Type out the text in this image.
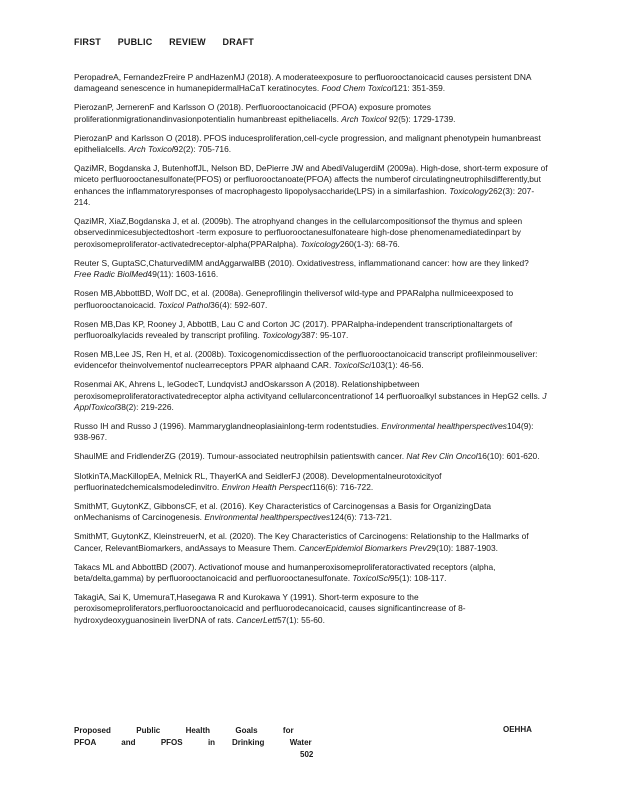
FIRST PUBLIC REVIEW DRAFT

PeropadreA, FernandezFreire P andHazenMJ (2018). A moderateexposure to perfluorooctanoicacid causes persistent DNA damageand senescence in humanepidermalHaCaT keratinocytes. Food Chem Toxicol121: 351-359.

PierozanP, JernerenF and Karlsson O (2018). Perfluorooctanoicacid (PFOA) exposure promotes proliferationmigrationandinvasionpotentialin humanbreast epitheliacells. Arch Toxicol 92(5): 1729-1739.

PierozanP and Karlsson O (2018). PFOS inducesproliferation,cell-cycle progression, and malignant phenotypein humanbreast epithelialcells. Arch Toxicol92(2): 705-716.

QaziMR, Bogdanska J, ButenhoffJL, Nelson BD, DePierre JW and AbediValugerdiM (2009a). High-dose, short-term exposure of miceto perfluorooctanesulfonate(PFOS) or perfluorooctanoate(PFOA) affects the numberof circulatingneutrophilsdifferently,but enhances the inflammatoryresponses of macrophagesto lipopolysaccharide(LPS) in a similarfashion. Toxicology262(3): 207-214.

QaziMR, XiaZ,Bogdanska J, et al. (2009b). The atrophyand changes in the cellularcompositionsof the thymus and spleen observedinmicesubjectedtoshort -term exposure to perfluorooctanesulfonateare high-dose phenomenamediatedinpart by peroxisomeproliferator-activatedreceptor-alpha(PPARalpha). Toxicology260(1-3): 68-76.

Reuter S, GuptaSC,ChaturvediMM andAggarwalBB (2010). Oxidativestress, inflammationand cancer: how are they linked? Free Radic BiolMed49(11): 1603-1616.

Rosen MB,AbbottBD, Wolf DC, et al. (2008a). Geneprofilingin theliversof wild-type and PPARalpha nullmiceexposed to perfluorooctanoicacid. Toxicol Pathol36(4): 592-607.

Rosen MB,Das KP, Rooney J, AbbottB, Lau C and Corton JC (2017). PPARalpha-independent transcriptionaltargets of perfluoroalkylacids revealed by transcript profiling. Toxicology387: 95-107.

Rosen MB,Lee JS, Ren H, et al. (2008b). Toxicogenomicdissection of the perfluorooctanoicacid transcript profileinmouseliver: evidencefor theinvolvementof nuclearreceptors PPAR alphaand CAR. ToxicolSci103(1): 46-56.

Rosenmai AK, Ahrens L, leGodecT, LundqvistJ andOskarsson A (2018). Relationshipbetween peroxisomeproliferatoractivatedreceptor alpha activityand cellularconcentrationof 14 perfluoroalkyl substances in HepG2 cells. J ApplToxicol38(2): 219-226.

Russo IH and Russo J (1996). Mammaryglandneoplasiainlong-term rodentstudies. Environmental healthperspectives104(9): 938-967.

ShaulME and FridlenderZG (2019). Tumour-associated neutrophilsin patientswith cancer. Nat Rev Clin Oncol16(10): 601-620.

SlotkinTA,MacKillopEA, Melnick RL, ThayerKA and SeidlerFJ (2008). Developmentalneurotoxicityof perfluorinatedchemicalsmodeledinvitro. Environ Health Perspect116(6): 716-722.

SmithMT, GuytonKZ, GibbonsCF, et al. (2016). Key Characteristics of Carcinogensas a Basis for OrganizingData onMechanisms of Carcinogenesis. Environmental healthperspectives124(6): 713-721.

SmithMT, GuytonKZ, KleinstreuerN, et al. (2020). The Key Characteristics of Carcinogens: Relationship to the Hallmarks of Cancer, RelevantBiomarkers, andAssays to Measure Them. CancerEpidemiol Biomarkers Prev29(10): 1887-1903.

Takacs ML and AbbottBD (2007). Activationof mouse and humanperoxisomeproliferatoractivated receptors (alpha, beta/delta,gamma) by perfluorooctanoicacid and perfluorooctanesulfonate. ToxicolSci95(1): 108-117.

TakagiA, Sai K, UmemuraT,Hasegawa R and Kurokawa Y (1991). Short-term exposure to the peroxisomeproliferators,perfluorooctanoicacid and perfluorodecanoicacid, causes significantincrease of 8-hydroxydeoxyguanosinein liverDNA of rats. CancerLett57(1): 55-60.

Proposed      Public      Health      Goals      for
PFOA      and      PFOS      in    Drinking      Water
OEHHA
502
